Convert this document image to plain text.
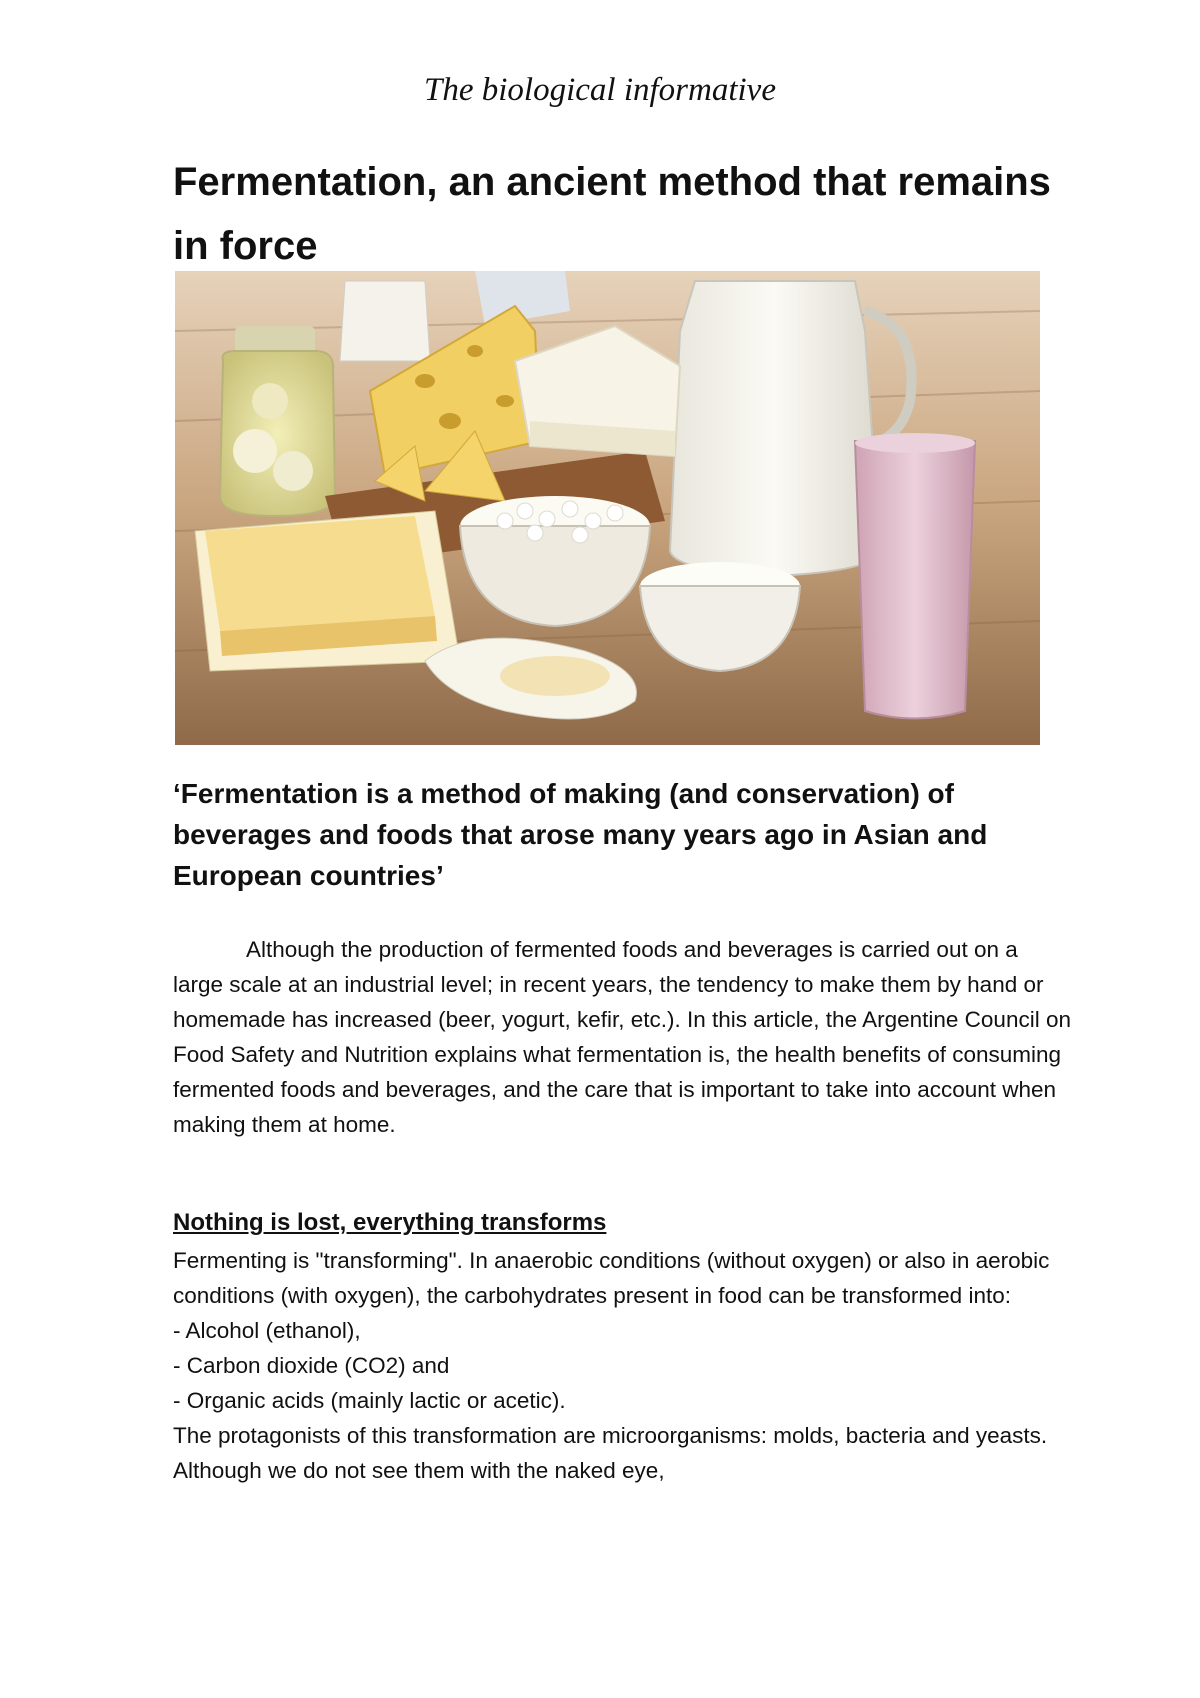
The biological informative
Fermentation, an ancient method that remains in force
‘Fermentation is a method of making (and conservation) of beverages and foods that arose many years ago in Asian and European countries’

Although the production of fermented foods and beverages is carried out on a large scale at an industrial level; in recent years, the tendency to make them by hand or homemade has increased (beer, yogurt, kefir, etc.). In this article, the Argentine Council on Food Safety and Nutrition explains what fermentation is, the health benefits of consuming fermented foods and beverages, and the care that is important to take into account when making them at home.

Nothing is lost, everything transforms

Fermenting is "transforming". In anaerobic conditions (without oxygen) or also in aerobic conditions (with oxygen), the carbohydrates present in food can be transformed into:

- Alcohol (ethanol),
- Carbon dioxide (CO2) and
- Organic acids (mainly lactic or acetic).

The protagonists of this transformation are microorganisms: molds, bacteria and yeasts. Although we do not see them with the naked eye,
